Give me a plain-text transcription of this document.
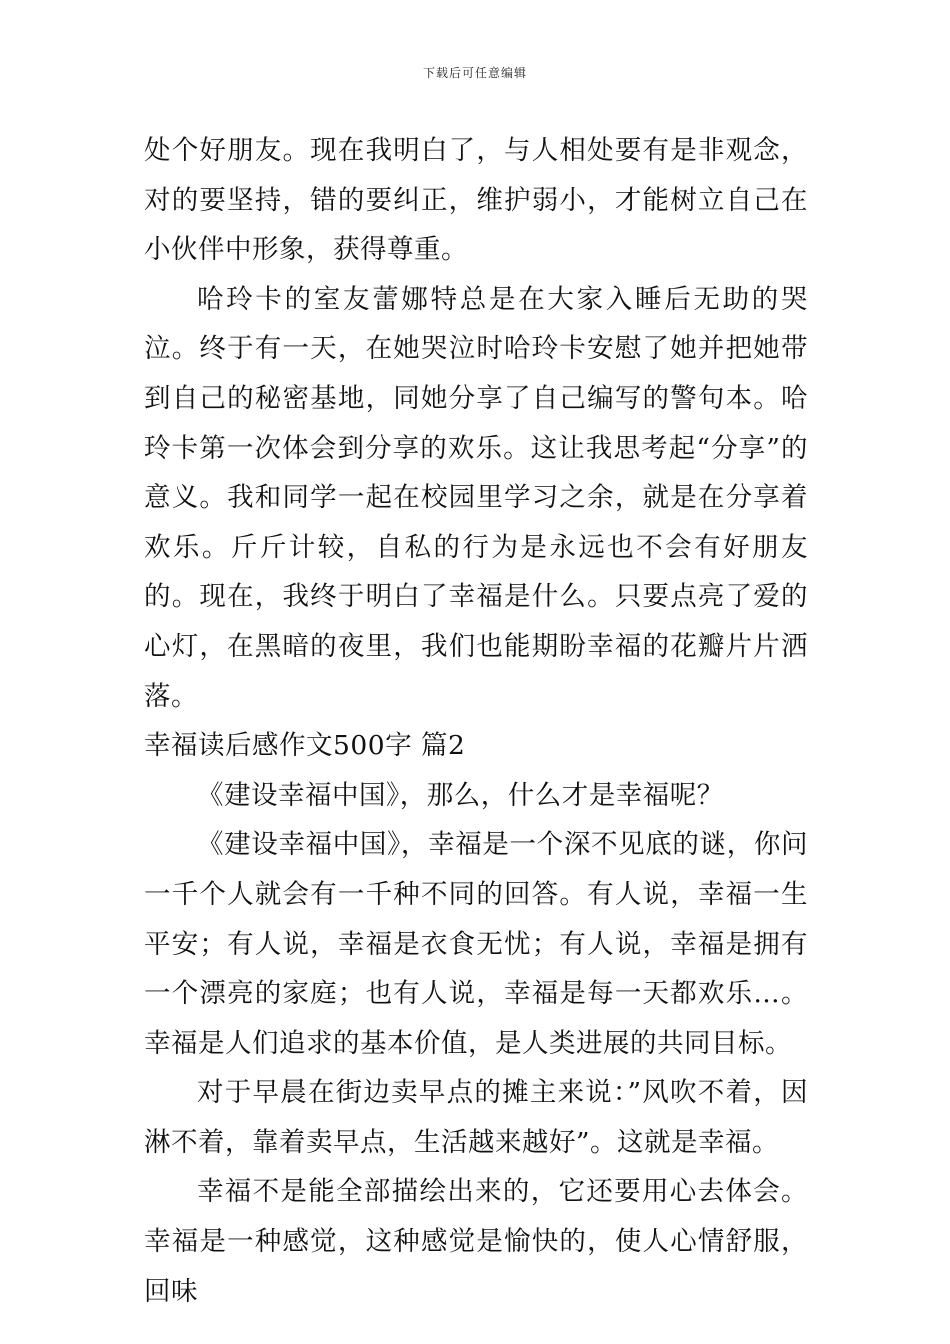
下载后可任意编辑

处个好朋友。现在我明白了，与人相处要有是非观念，对的要坚持，错的要纠正，维护弱小，才能树立自己在小伙伴中形象，获得尊重。

哈玲卡的室友蕾娜特总是在大家入睡后无助的哭泣。终于有一天，在她哭泣时哈玲卡安慰了她并把她带到自己的秘密基地，同她分享了自己编写的警句本。哈玲卡第一次体会到分享的欢乐。这让我思考起“分享”的意义。我和同学一起在校园里学习之余，就是在分享着欢乐。斤斤计较，自私的行为是永远也不会有好朋友的。现在，我终于明白了幸福是什么。只要点亮了爱的心灯，在黑暗的夜里，我们也能期盼幸福的花瓣片片洒落。

幸福读后感作文500字 篇2

《建设幸福中国》，那么，什么才是幸福呢？

《建设幸福中国》，幸福是一个深不见底的谜，你问一千个人就会有一千种不同的回答。有人说，幸福一生平安；有人说，幸福是衣食无忧；有人说，幸福是拥有一个漂亮的家庭；也有人说，幸福是每一天都欢乐…。幸福是人们追求的基本价值，是人类进展的共同目标。

对于早晨在街边卖早点的摊主来说：”风吹不着，因淋不着，靠着卖早点，生活越来越好”。这就是幸福。

幸福不是能全部描绘出来的，它还要用心去体会。幸福是一种感觉，这种感觉是愉快的，使人心情舒服，回味
